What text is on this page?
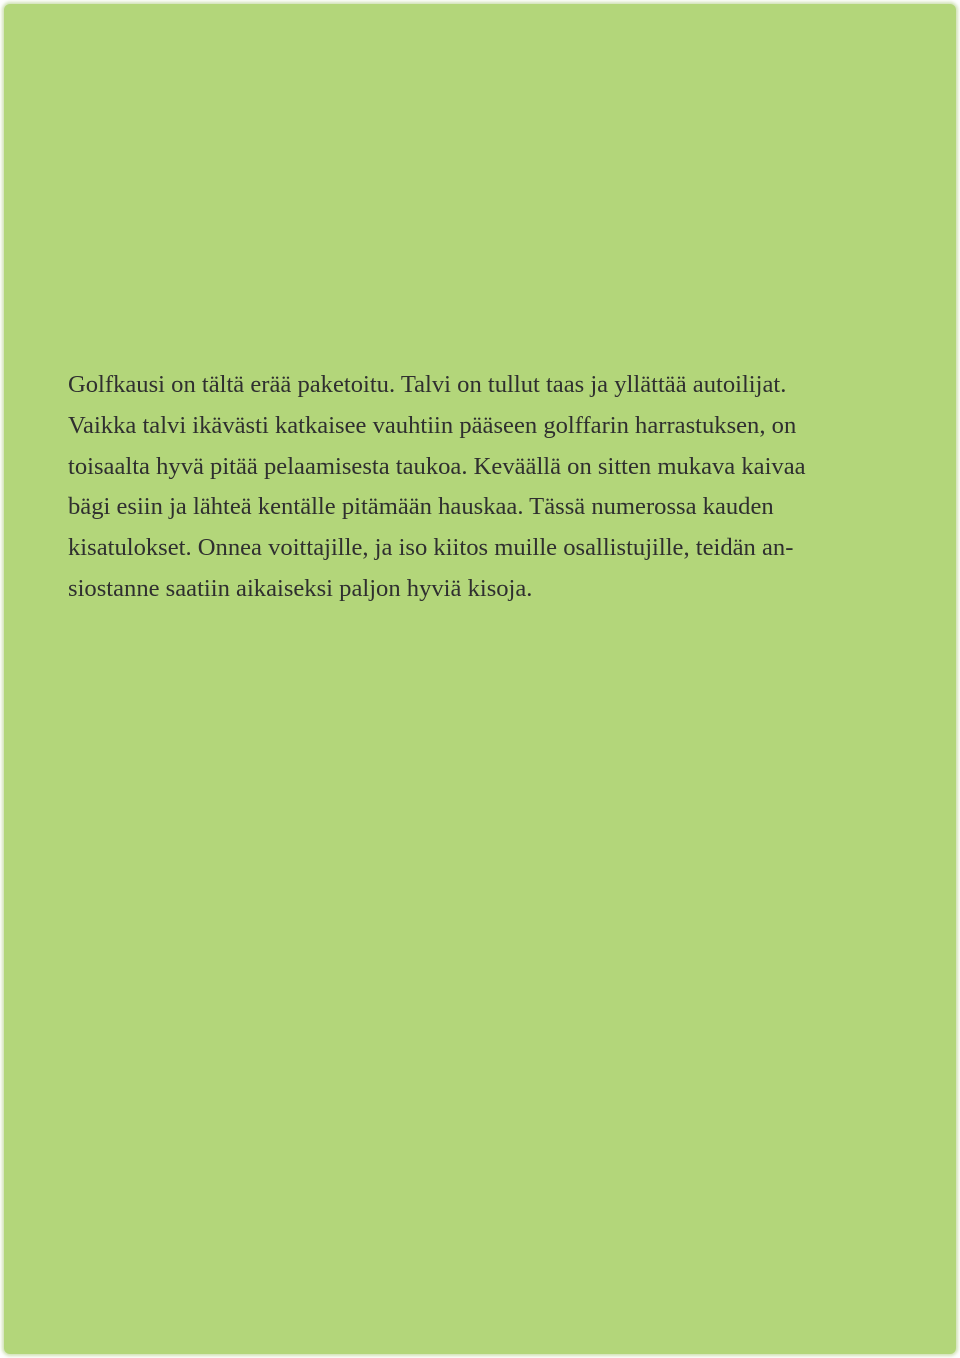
Golfkausi on tältä erää paketoitu. Talvi on tullut taas ja yllättää autoilijat.
Vaikka talvi ikävästi katkaisee vauhtiin pääseen golffarin harrastuksen, on
toisaalta hyvä pitää pelaamisesta taukoa. Keväällä on sitten mukava kaivaa
bägi esiin ja lähteä kentälle pitämään hauskaa. Tässä numerossa kauden
kisatulokset. Onnea voittajille, ja iso kiitos muille osallistujille, teidän an-
siostanne saatiin aikaiseksi paljon hyviä kisoja.
